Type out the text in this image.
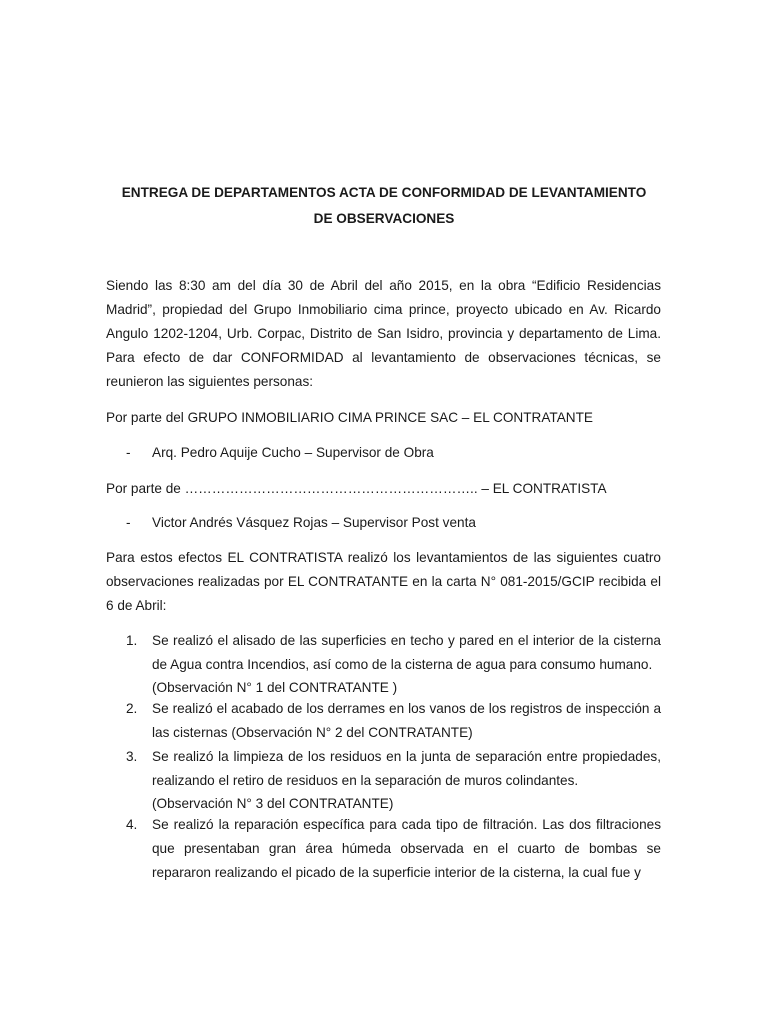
ENTREGA DE DEPARTAMENTOS ACTA DE CONFORMIDAD DE LEVANTAMIENTO
DE OBSERVACIONES
Siendo las 8:30 am del día 30 de Abril del año 2015, en la obra “Edificio Residencias Madrid”, propiedad del Grupo Inmobiliario cima prince, proyecto ubicado en Av. Ricardo Angulo 1202-1204, Urb. Corpac, Distrito de San Isidro, provincia y departamento de Lima. Para efecto de dar CONFORMIDAD al levantamiento de observaciones técnicas, se reunieron las siguientes personas:
Por parte del GRUPO INMOBILIARIO CIMA PRINCE SAC – EL CONTRATANTE
- Arq. Pedro Aquije Cucho – Supervisor de Obra
Por parte de ……………………………………………………….. – EL CONTRATISTA
- Victor Andrés Vásquez Rojas – Supervisor Post venta
Para estos efectos EL CONTRATISTA realizó los levantamientos de las siguientes cuatro observaciones realizadas por EL CONTRATANTE en la carta N° 081-2015/GCIP recibida el 6 de Abril:
1. Se realizó el alisado de las superficies en techo y pared en el interior de la cisterna de Agua contra Incendios, así como de la cisterna de agua para consumo humano.
(Observación N° 1 del CONTRATANTE )
2. Se realizó el acabado de los derrames en los vanos de los registros de inspección a las cisternas (Observación N° 2 del CONTRATANTE)
3. Se realizó la limpieza de los residuos en la junta de separación entre propiedades, realizando el retiro de residuos en la separación de muros colindantes.
(Observación N° 3 del CONTRATANTE)
4. Se realizó la reparación específica para cada tipo de filtración. Las dos filtraciones que presentaban gran área húmeda observada en el cuarto de bombas se repararon realizando el picado de la superficie interior de la cisterna, la cual fue y
